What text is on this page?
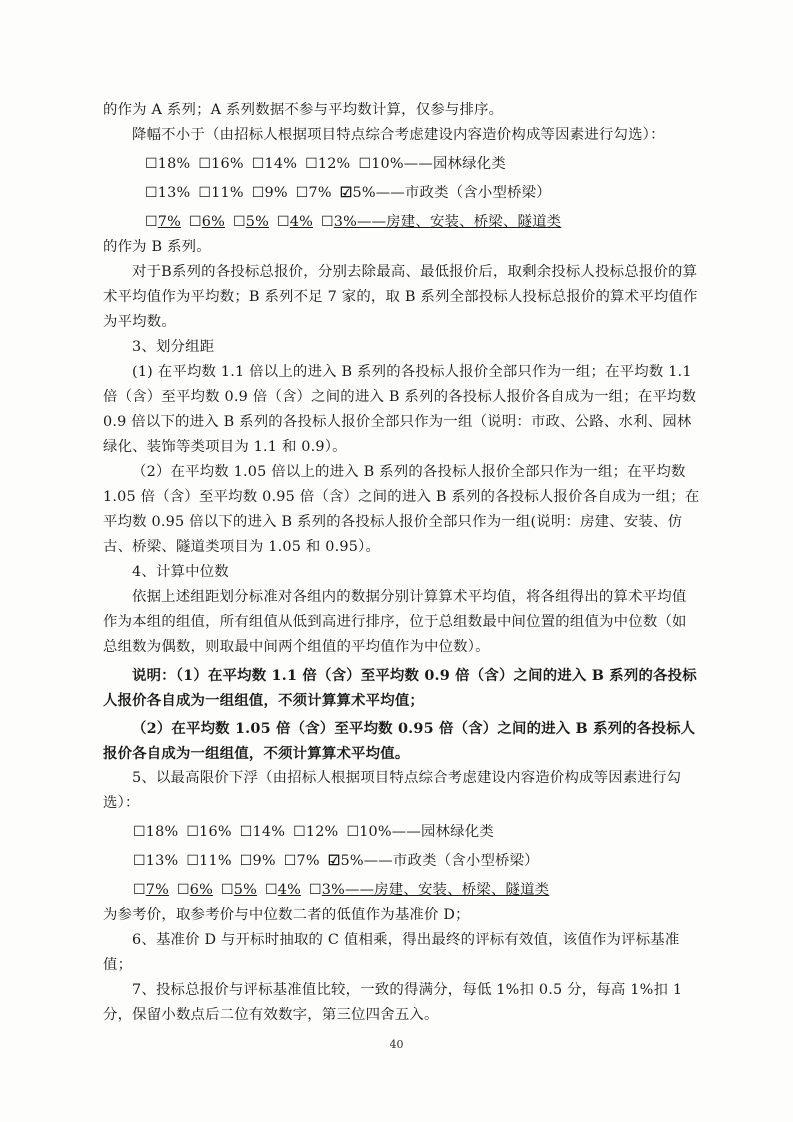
的作为 A 系列；A 系列数据不参与平均数计算，仅参与排序。

降幅不小于（由招标人根据项目特点综合考虑建设内容造价构成等因素进行勾选）：

☐18% ☐16% ☐14% ☐12% ☐10%——园林绿化类

☐13% ☐11% ☐9% ☐7% ☑5%——市政类（含小型桥梁）

☐7% ☐6% ☐5% ☐4% ☐3%——房建、安装、桥梁、隧道类

的作为 B 系列。

对于B系列的各投标总报价，分别去除最高、最低报价后，取剩余投标人投标总报价的算术平均值作为平均数；B 系列不足 7 家的，取 B 系列全部投标人投标总报价的算术平均值作为平均数。

3、划分组距

(1) 在平均数 1.1 倍以上的进入 B 系列的各投标人报价全部只作为一组；在平均数 1.1 倍（含）至平均数 0.9 倍（含）之间的进入 B 系列的各投标人报价各自成为一组；在平均数 0.9 倍以下的进入 B 系列的各投标人报价全部只作为一组（说明：市政、公路、水利、园林绿化、装饰等类项目为 1.1 和 0.9）。

（2）在平均数 1.05 倍以上的进入 B 系列的各投标人报价全部只作为一组；在平均数 1.05 倍（含）至平均数 0.95 倍（含）之间的进入 B 系列的各投标人报价各自成为一组；在平均数 0.95 倍以下的进入 B 系列的各投标人报价全部只作为一组(说明：房建、安装、仿古、桥梁、隧道类项目为 1.05 和 0.95）。

4、计算中位数

依据上述组距划分标准对各组内的数据分别计算算术平均值，将各组得出的算术平均值作为本组的组值，所有组值从低到高进行排序，位于总组数最中间位置的组值为中位数（如总组数为偶数，则取最中间两个组值的平均值作为中位数）。

说明：（1）在平均数 1.1 倍（含）至平均数 0.9 倍（含）之间的进入 B 系列的各投标人报价各自成为一组组值，不须计算算术平均值；

（2）在平均数 1.05 倍（含）至平均数 0.95 倍（含）之间的进入 B 系列的各投标人报价各自成为一组组值，不须计算算术平均值。

5、以最高限价下浮（由招标人根据项目特点综合考虑建设内容造价构成等因素进行勾选）：

☐18% ☐16% ☐14% ☐12% ☐10%——园林绿化类

☐13% ☐11% ☐9% ☐7% ☑5%——市政类（含小型桥梁）

☐7% ☐6% ☐5% ☐4% ☐3%——房建、安装、桥梁、隧道类

为参考价，取参考价与中位数二者的低值作为基准价 D；

6、基准价 D 与开标时抽取的 C 值相乘，得出最终的评标有效值，该值作为评标基准值；

7、投标总报价与评标基准值比较，一致的得满分，每低 1%扣 0.5 分，每高 1%扣 1 分，保留小数点后二位有效数字，第三位四舍五入。

40
